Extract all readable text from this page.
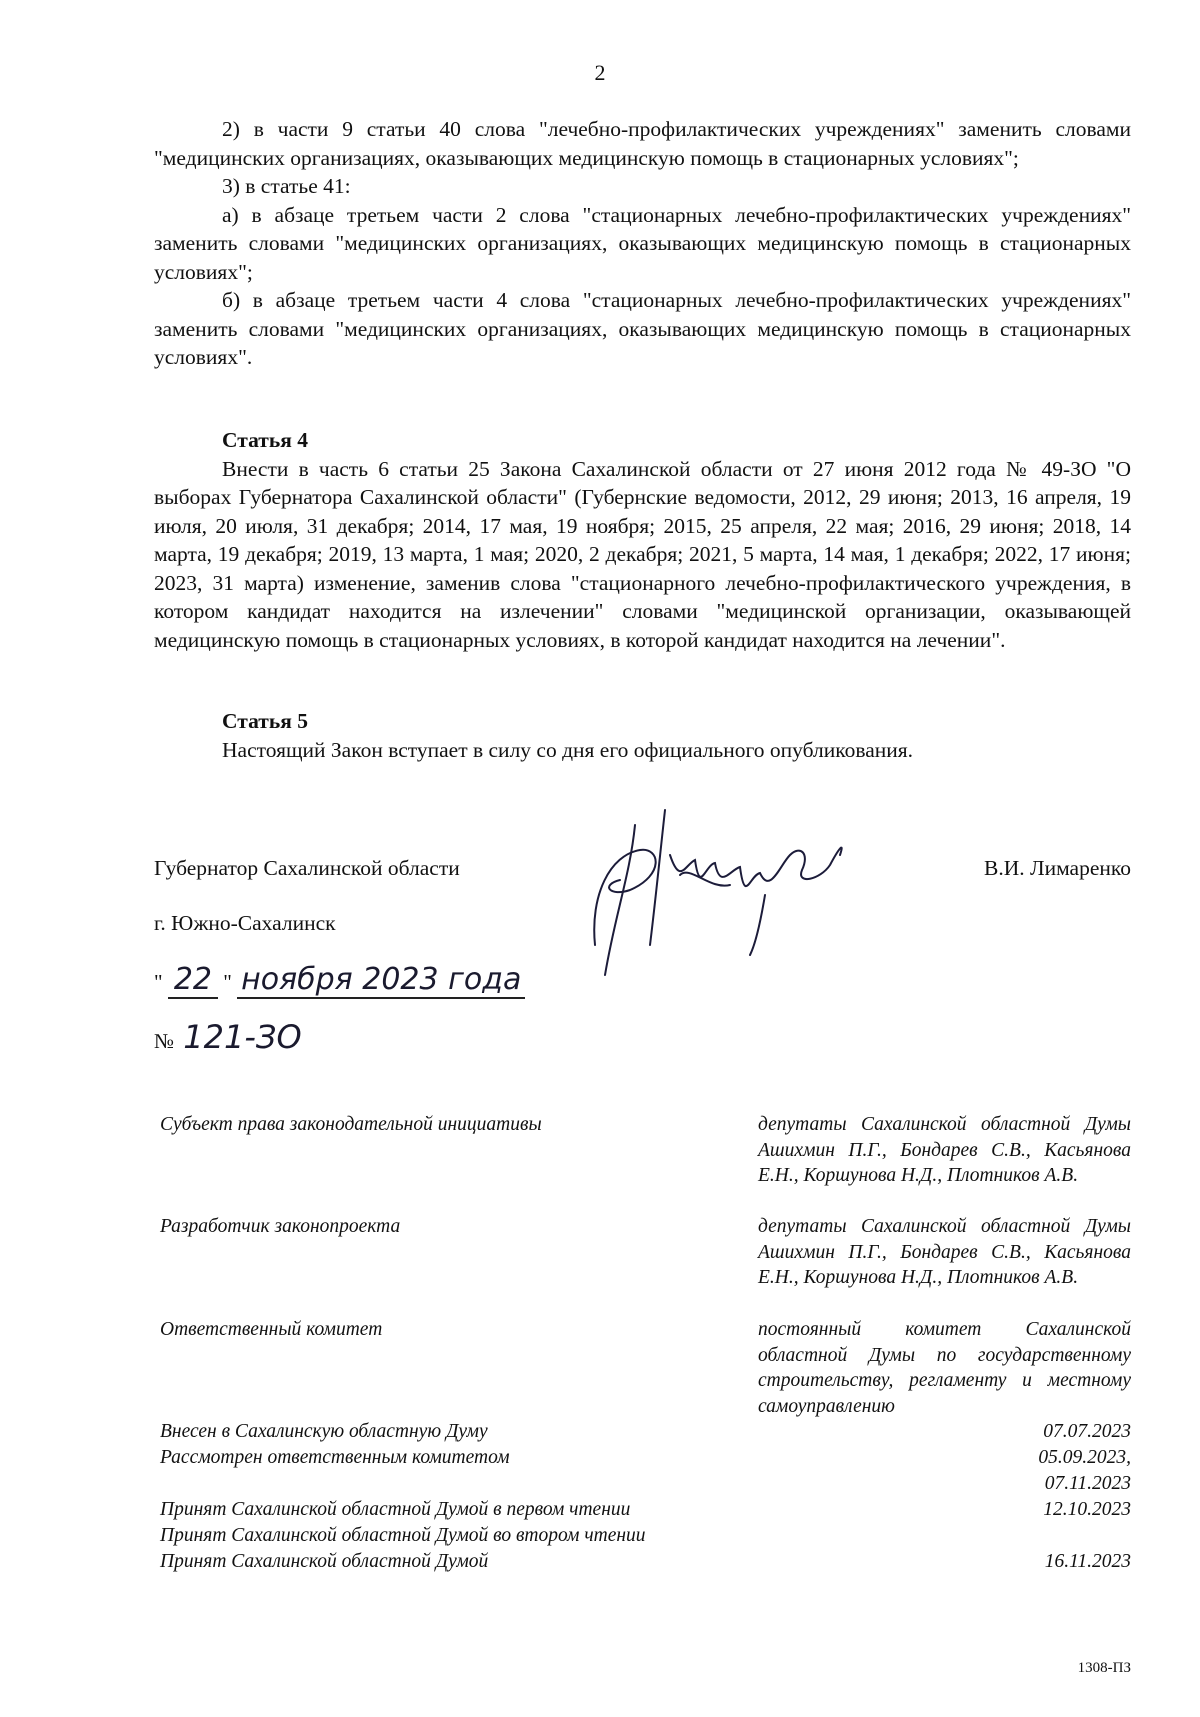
2

2) в части 9 статьи 40 слова "лечебно-профилактических учреждениях" заменить словами "медицинских организациях, оказывающих медицинскую помощь в стационарных условиях";

3) в статье 41:

а) в абзаце третьем части 2 слова "стационарных лечебно-профилактических учреждениях" заменить словами "медицинских организациях, оказывающих медицинскую помощь в стационарных условиях";

б) в абзаце третьем части 4 слова "стационарных лечебно-профилактических учреждениях" заменить словами "медицинских организациях, оказывающих медицинскую помощь в стационарных условиях".

Статья 4

Внести в часть 6 статьи 25 Закона Сахалинской области от 27 июня 2012 года № 49-ЗО "О выборах Губернатора Сахалинской области" (Губернские ведомости, 2012, 29 июня; 2013, 16 апреля, 19 июля, 20 июля, 31 декабря; 2014, 17 мая, 19 ноября; 2015, 25 апреля, 22 мая; 2016, 29 июня; 2018, 14 марта, 19 декабря; 2019, 13 марта, 1 мая; 2020, 2 декабря; 2021, 5 марта, 14 мая, 1 декабря; 2022, 17 июня; 2023, 31 марта) изменение, заменив слова "стационарного лечебно-профилактического учреждения, в котором кандидат находится на излечении" словами "медицинской организации, оказывающей медицинскую помощь в стационарных условиях, в которой кандидат находится на лечении".

Статья 5

Настоящий Закон вступает в силу со дня его официального опубликования.

Губернатор Сахалинской области	В.И. Лимаренко
г. Южно-Сахалинск
" 22 " ноября 2023 года
№ 121-ЗО
Субъект права законодательной инициативы	депутаты Сахалинской областной Думы Ашихмин П.Г., Бондарев С.В., Касьянова Е.Н., Коршунова Н.Д., Плотников А.В.
Разработчик законопроекта	депутаты Сахалинской областной Думы Ашихмин П.Г., Бондарев С.В., Касьянова Е.Н., Коршунова Н.Д., Плотников А.В.
Ответственный комитет	постоянный комитет Сахалинской областной Думы по государственному строительству, регламенту и местному самоуправлению
Внесен в Сахалинскую областную Думу	07.07.2023
Рассмотрен ответственным комитетом	05.09.2023,
07.11.2023
Принят Сахалинской областной Думой в первом чтении	12.10.2023
Принят Сахалинской областной Думой во втором чтении
Принят Сахалинской областной Думой	16.11.2023
1308-ПЗ
